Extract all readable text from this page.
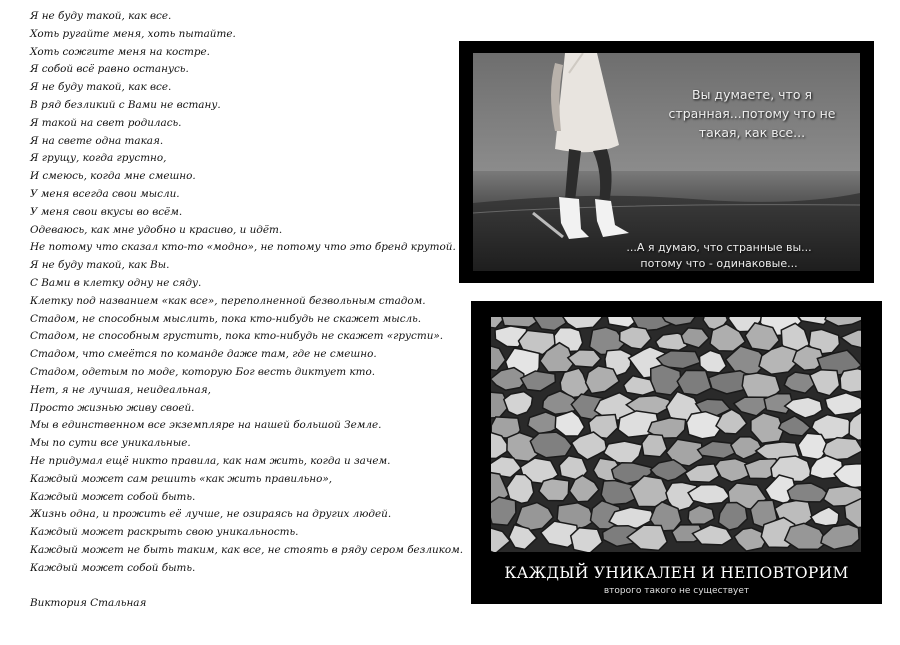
Я не буду такой, как все.
Хоть ругайте меня, хоть пытайте.
Хоть сожгите меня на костре.
Я собой всё равно останусь.
Я не буду такой, как все.
В ряд безликий с Вами не встану.
Я такой на свет родилась.
Я на свете одна такая.
Я грущу, когда грустно,
И смеюсь, когда мне смешно.
У меня всегда свои мысли.
У меня свои вкусы во всём.
Одеваюсь, как мне удобно и красиво, и идёт.
Не потому что сказал кто-то «модно», не потому что это бренд крутой.
Я не буду такой, как Вы.
С Вами в клетку одну не сяду.
Клетку под названием «как все», переполненной безвольным стадом.
Стадом, не способным мыслить, пока кто-нибудь не скажет мысль.
Стадом, не способным грустить, пока кто-нибудь не скажет «грусти».
Стадом, что смеётся по команде даже там, где не смешно.
Стадом, одетым по моде, которую Бог весть диктует кто.
Нет, я не лучшая, неидеальная,
Просто жизнью живу своей.
Мы в единственном все экземпляре на нашей большой Земле.
Мы по сути все уникальные.
Не придумал ещё никто правила, как нам жить, когда и зачем.
Каждый может сам решить «как жить правильно»,
Каждый может собой быть.
Жизнь одна, и прожить её лучше, не озираясь на других людей.
Каждый может раскрыть свою уникальность.
Каждый может не быть таким, как все, не стоять в ряду сером безликом.
Каждый может собой быть.
Виктория Стальная
Вы думаете, что я
странная...потому что не
такая, как все...
...А я думаю, что странные вы...
потому что - одинаковые...
КАЖДЫЙ УНИКАЛЕН И НЕПОВТОРИМ
второго такого не существует
